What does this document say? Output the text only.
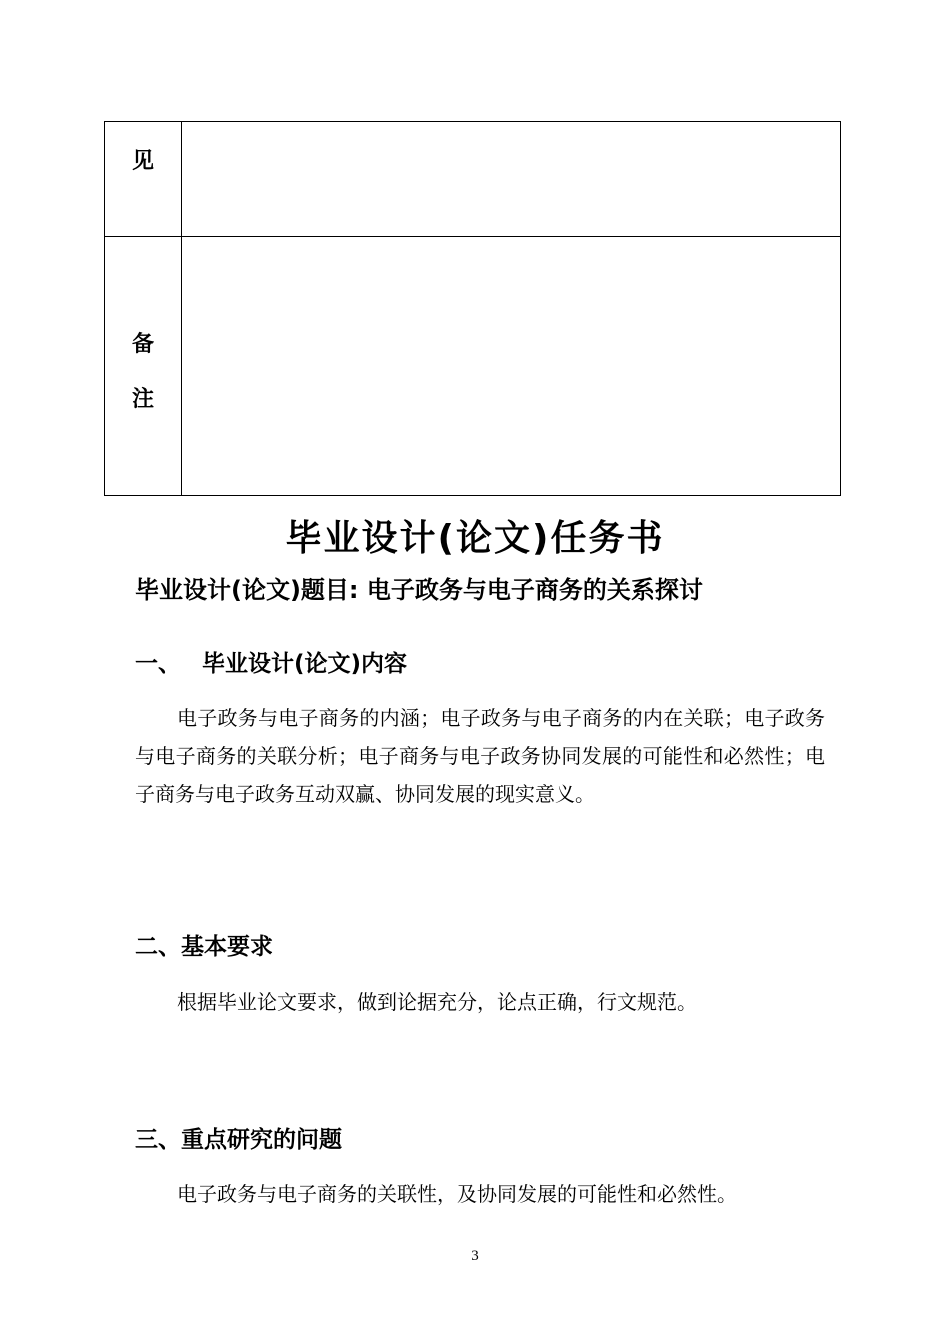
见	

备
注	

毕业设计(论文)任务书
毕业设计(论文)题目: 电子政务与电子商务的关系探讨
一、 毕业设计(论文)内容
电子政务与电子商务的内涵；电子政务与电子商务的内在关联；电子政务与电子商务的关联分析；电子商务与电子政务协同发展的可能性和必然性；电子商务与电子政务互动双赢、协同发展的现实意义。
二、基本要求
根据毕业论文要求，做到论据充分，论点正确，行文规范。
三、重点研究的问题
电子政务与电子商务的关联性，及协同发展的可能性和必然性。
3
